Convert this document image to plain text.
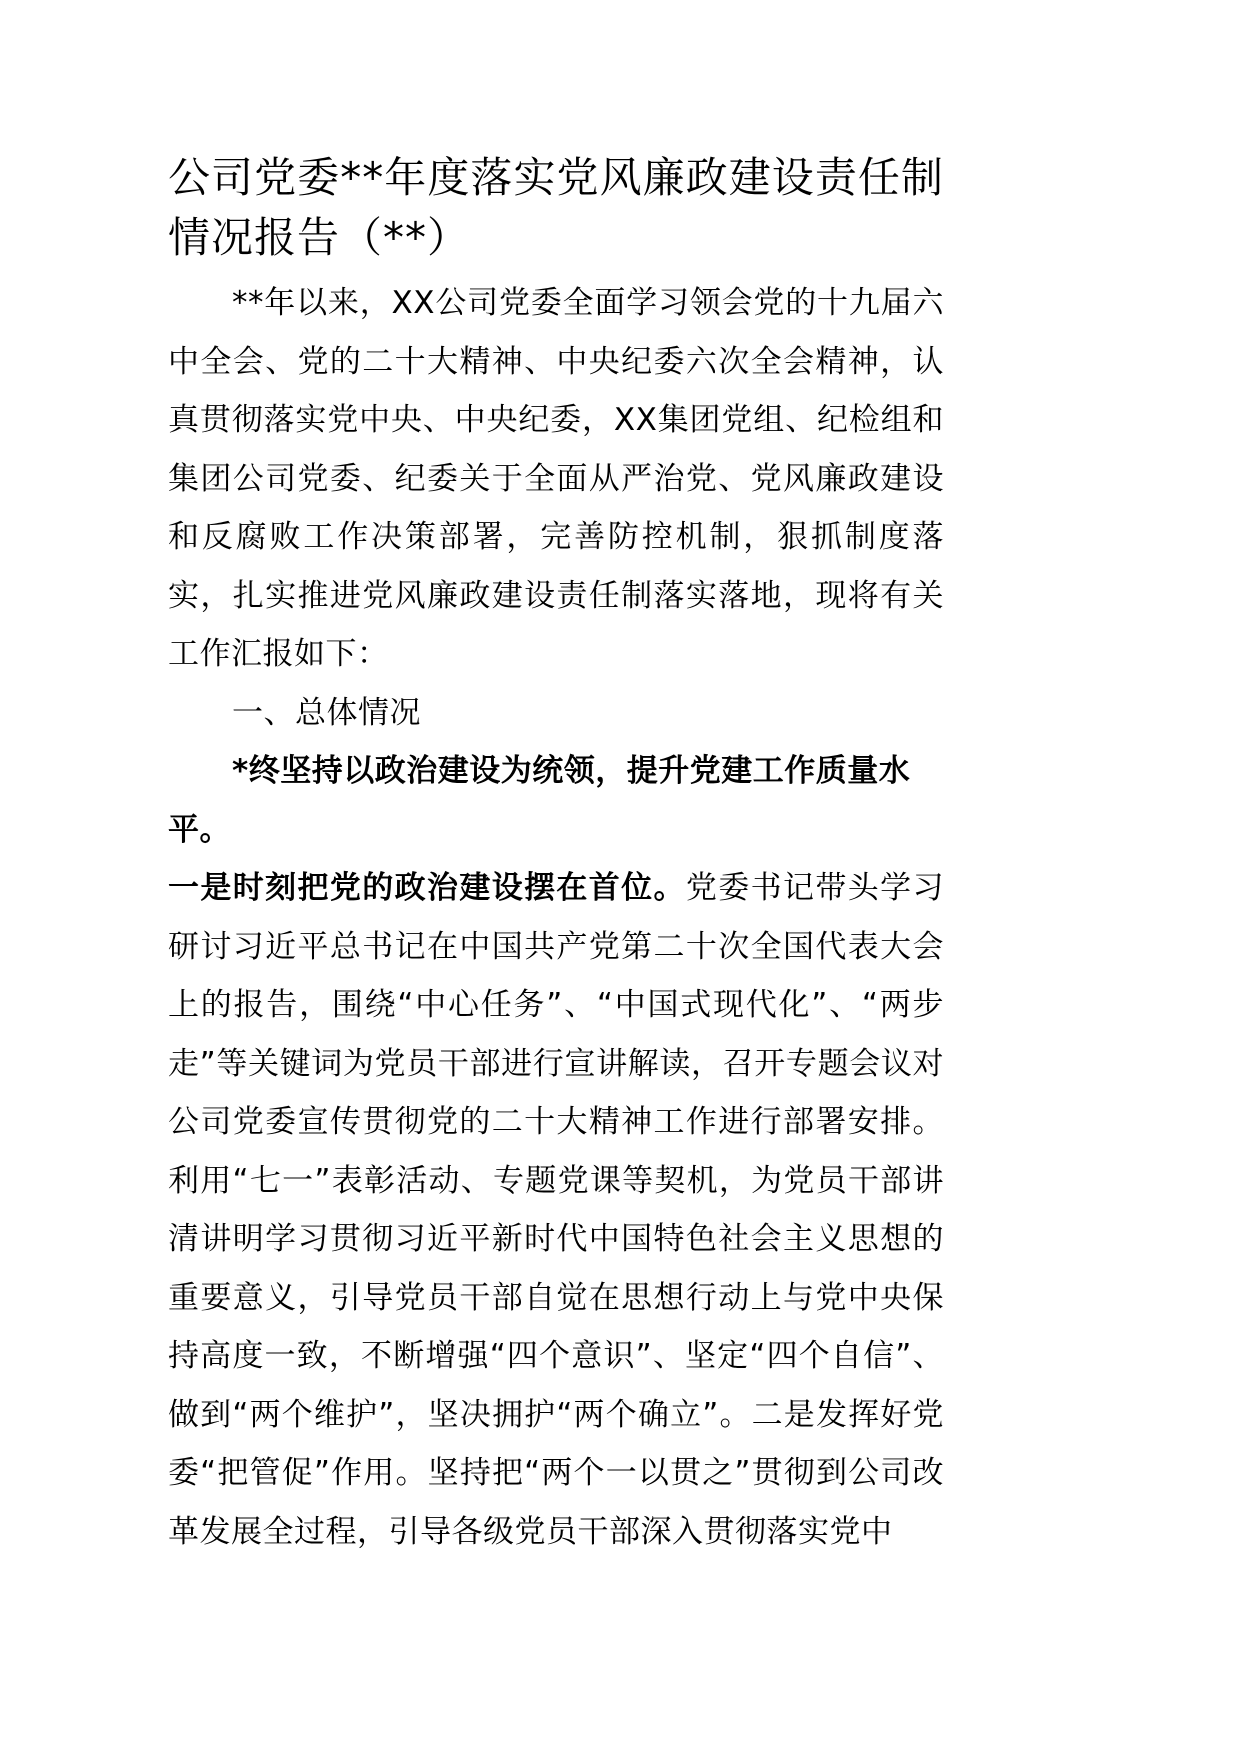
公司党委**年度落实党风廉政建设责任制情况报告（**）

**年以来，XX公司党委全面学习领会党的十九届六中全会、党的二十大精神、中央纪委六次全会精神，认真贯彻落实党中央、中央纪委，XX集团党组、纪检组和集团公司党委、纪委关于全面从严治党、党风廉政建设和反腐败工作决策部署，完善防控机制，狠抓制度落实，扎实推进党风廉政建设责任制落实落地，现将有关工作汇报如下：

一、总体情况

*终坚持以政治建设为统领，提升党建工作质量水平。

一是时刻把党的政治建设摆在首位。党委书记带头学习研讨习近平总书记在中国共产党第二十次全国代表大会上的报告，围绕“中心任务”、“中国式现代化”、“两步走”等关键词为党员干部进行宣讲解读，召开专题会议对公司党委宣传贯彻党的二十大精神工作进行部署安排。利用“七一”表彰活动、专题党课等契机，为党员干部讲清讲明学习贯彻习近平新时代中国特色社会主义思想的重要意义，引导党员干部自觉在思想行动上与党中央保持高度一致，不断增强“四个意识”、坚定“四个自信”、做到“两个维护”，坚决拥护“两个确立”。二是发挥好党委“把管促”作用。坚持把“两个一以贯之”贯彻到公司改革发展全过程，引导各级党员干部深入贯彻落实党中
